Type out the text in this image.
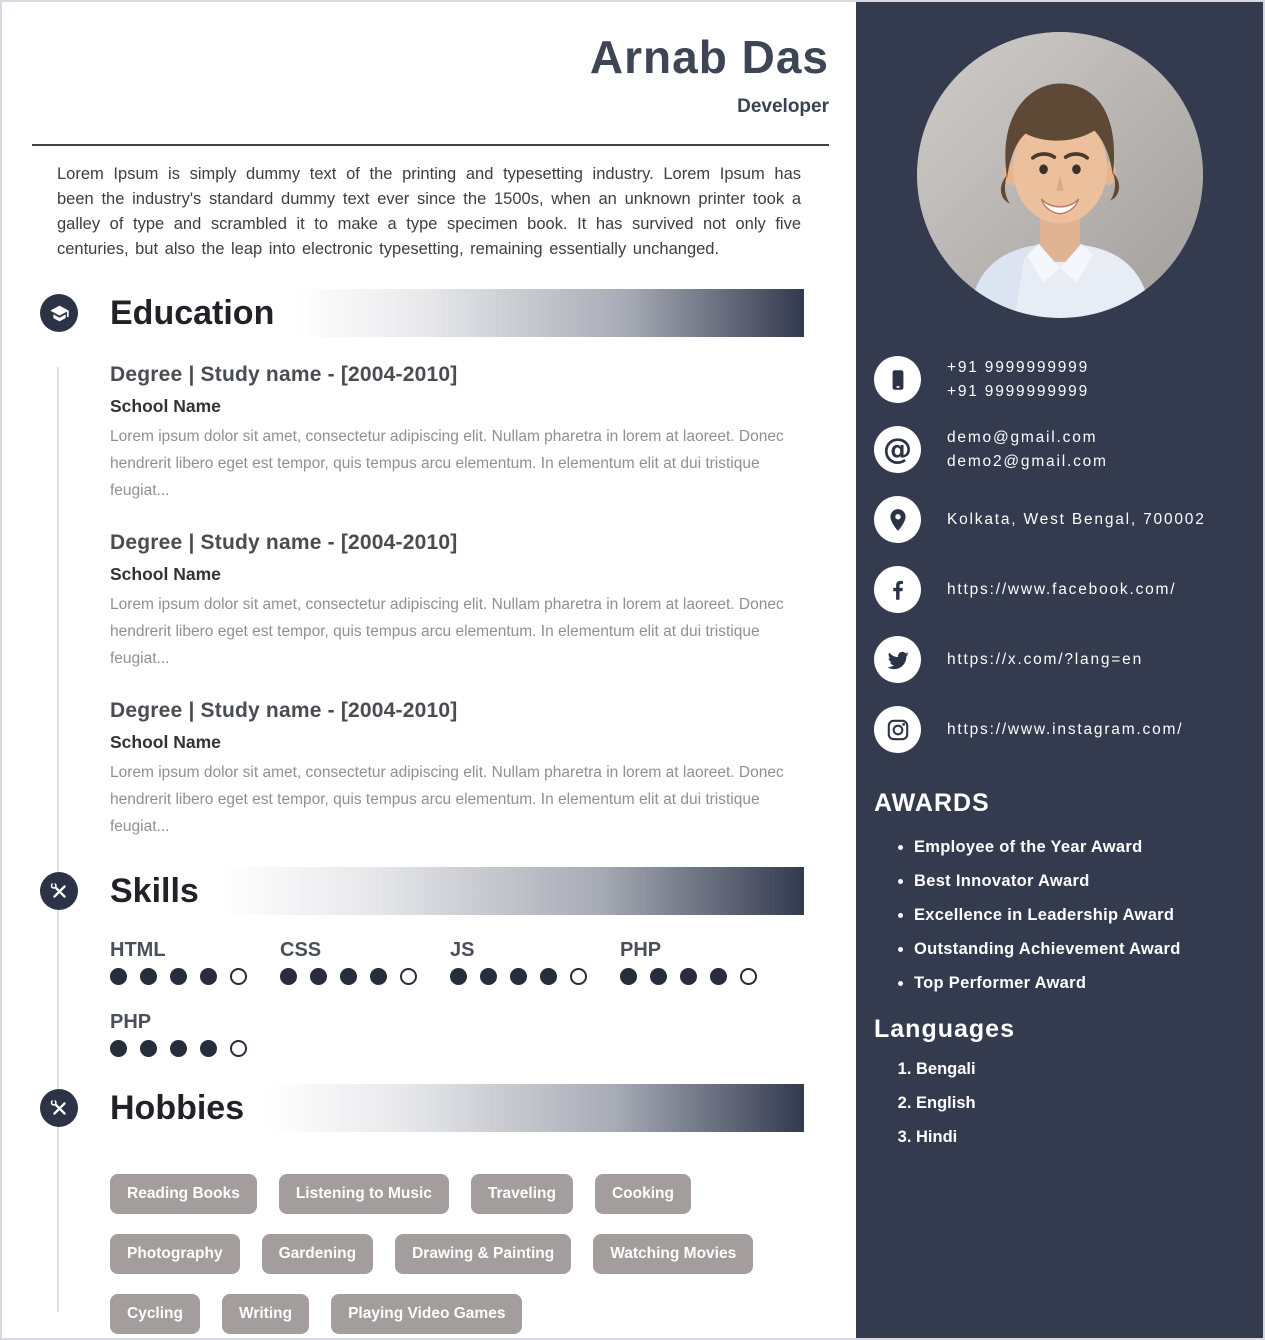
Arnab Das
Developer

Lorem Ipsum is simply dummy text of the printing and typesetting industry. Lorem Ipsum has been the industry's standard dummy text ever since the 1500s, when an unknown printer took a galley of type and scrambled it to make a type specimen book. It has survived not only five centuries, but also the leap into electronic typesetting, remaining essentially unchanged.

Education
Degree | Study name - [2004-2010]
School Name

Lorem ipsum dolor sit amet, consectetur adipiscing elit. Nullam pharetra in lorem at laoreet. Donec hendrerit libero eget est tempor, quis tempus arcu elementum. In elementum elit at dui tristique feugiat...

Degree | Study name - [2004-2010]
School Name

Lorem ipsum dolor sit amet, consectetur adipiscing elit. Nullam pharetra in lorem at laoreet. Donec hendrerit libero eget est tempor, quis tempus arcu elementum. In elementum elit at dui tristique feugiat...

Degree | Study name - [2004-2010]
School Name

Lorem ipsum dolor sit amet, consectetur adipiscing elit. Nullam pharetra in lorem at laoreet. Donec hendrerit libero eget est tempor, quis tempus arcu elementum. In elementum elit at dui tristique feugiat...

Skills
HTML	CSS	JS	PHP
PHP
Hobbies
Reading Books	Listening to Music	Traveling	Cooking
Photography	Gardening	Drawing & Painting	Watching Movies
Cycling	Writing	Playing Video Games
+91 9999999999
+91 9999999999
@ demo@gmail.com
demo2@gmail.com
Kolkata, West Bengal, 700002
https://www.facebook.com/
https://x.com/?lang=en
https://www.instagram.com/
AWARDS
• Employee of the Year Award
• Best Innovator Award
• Excellence in Leadership Award
• Outstanding Achievement Award
• Top Performer Award
Languages
1. Bengali
2. English
3. Hindi
